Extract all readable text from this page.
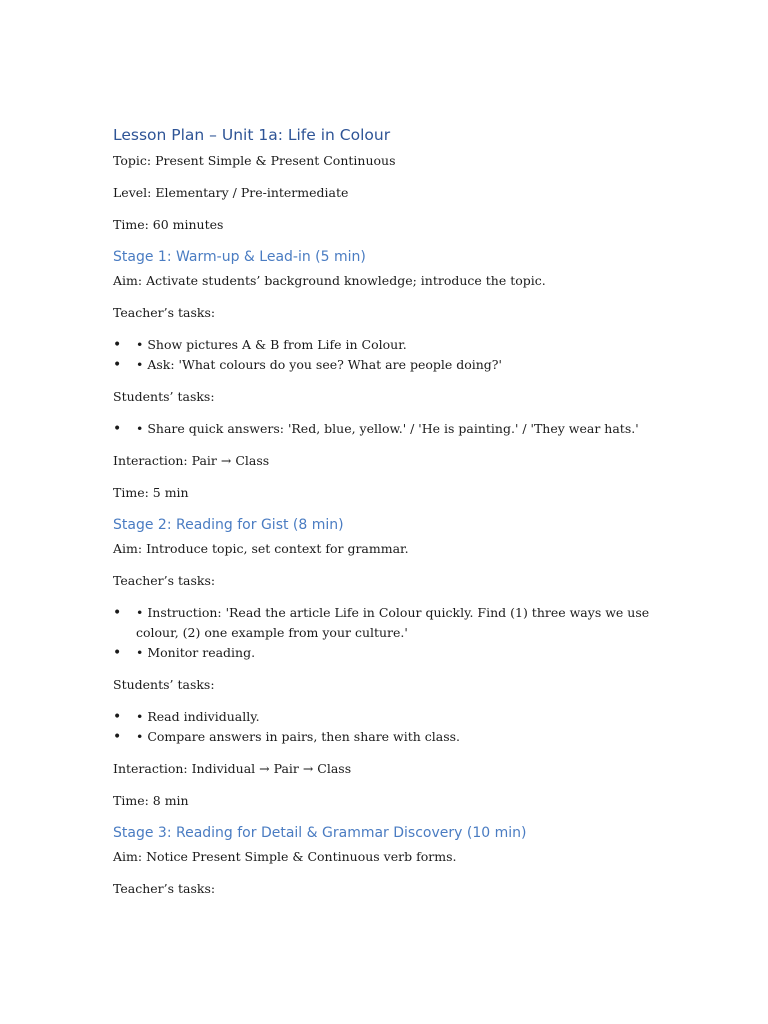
Lesson Plan – Unit 1a: Life in Colour

Topic: Present Simple & Present Continuous

Level: Elementary / Pre-intermediate

Time: 60 minutes

Stage 1: Warm-up & Lead-in (5 min)

Aim: Activate students’ background knowledge; introduce the topic.

Teacher’s tasks:

• • Show pictures A & B from Life in Colour.
• • Ask: 'What colours do you see? What are people doing?'

Students’ tasks:

• • Share quick answers: 'Red, blue, yellow.' / 'He is painting.' / 'They wear hats.'

Interaction: Pair → Class

Time: 5 min

Stage 2: Reading for Gist (8 min)

Aim: Introduce topic, set context for grammar.

Teacher’s tasks:

• • Instruction: 'Read the article Life in Colour quickly. Find (1) three ways we use colour, (2) one example from your culture.'
• • Monitor reading.

Students’ tasks:

• • Read individually.
• • Compare answers in pairs, then share with class.

Interaction: Individual → Pair → Class

Time: 8 min

Stage 3: Reading for Detail & Grammar Discovery (10 min)

Aim: Notice Present Simple & Continuous verb forms.

Teacher’s tasks:
